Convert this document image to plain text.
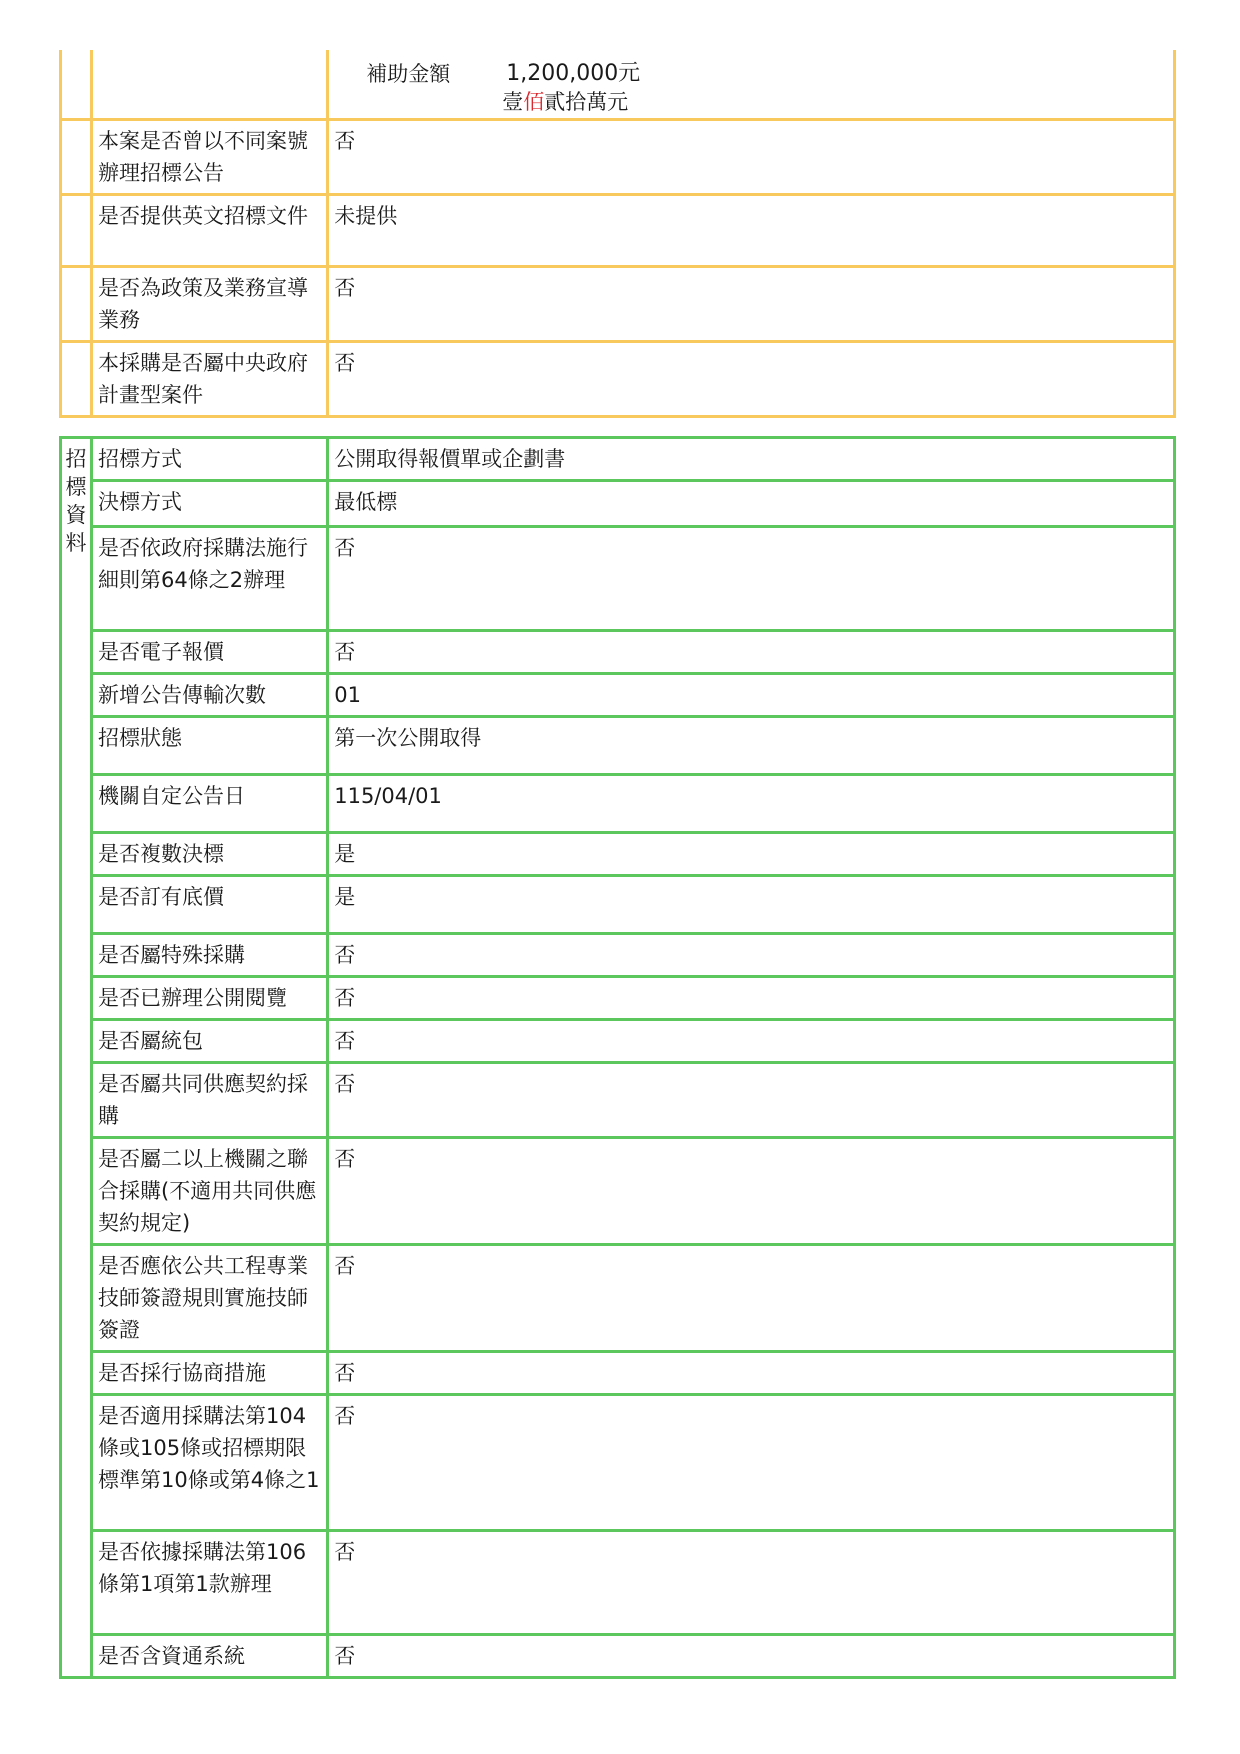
		補助金額 1,200,000元
壹佰貳拾萬元

	本案是否曾以不同案號辦理招標公告	否
	是否提供英文招標文件	未提供
	是否為政策及業務宣導業務	否
	本採購是否屬中央政府計畫型案件	否
招
標
資
料	招標方式	公開取得報價單或企劃書
	決標方式	最低標
	是否依政府採購法施行細則第64條之2辦理	否
	是否電子報價	否
	新增公告傳輸次數	01
	招標狀態	第一次公開取得
	機關自定公告日	115/04/01
	是否複數決標	是
	是否訂有底價	是
	是否屬特殊採購	否
	是否已辦理公開閱覽	否
	是否屬統包	否
	是否屬共同供應契約採購	否
	是否屬二以上機關之聯合採購(不適用共同供應契約規定)	否
	是否應依公共工程專業技師簽證規則實施技師簽證	否
	是否採行協商措施	否
	是否適用採購法第104條或105條或招標期限標準第10條或第4條之1	否
	是否依據採購法第106條第1項第1款辦理	否
	是否含資通系統	否
